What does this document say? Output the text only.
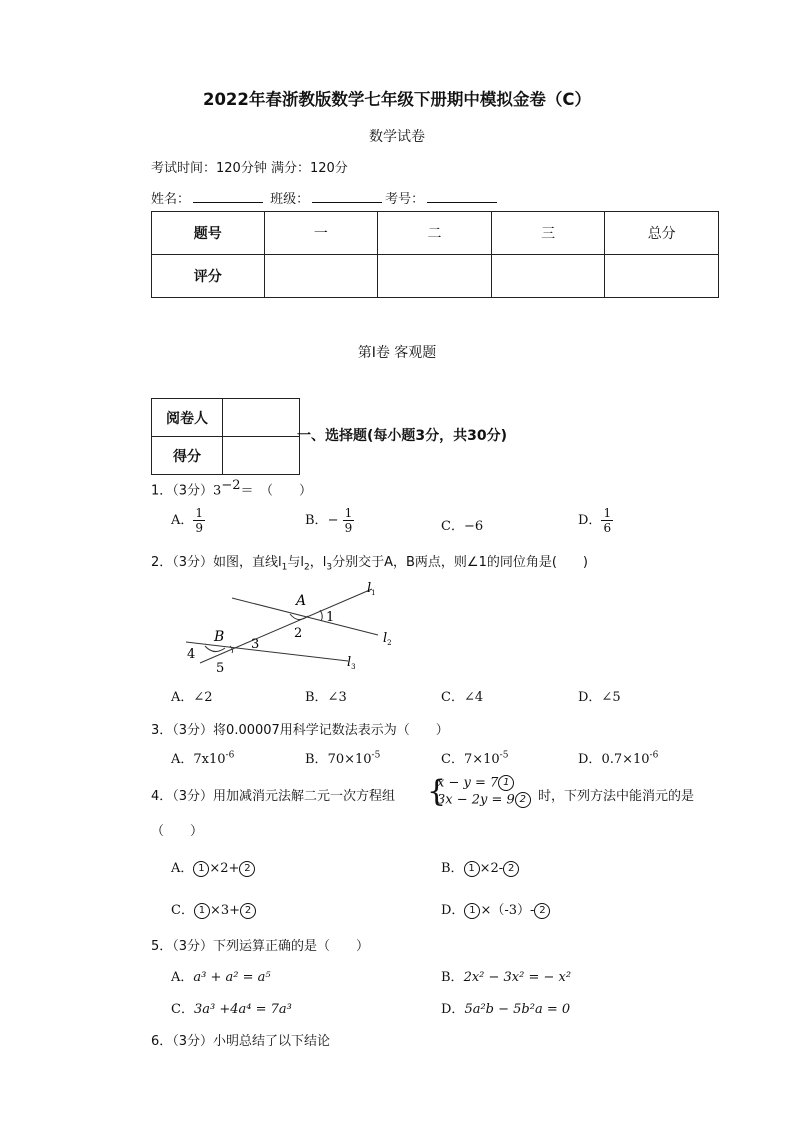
2022年春浙教版数学七年级下册期中模拟金卷（C）
数学试卷
考试时间：120分钟 满分：120分
姓名：	班级：	考号：
题号	一	二	三	总分
评分				
第Ⅰ卷 客观题
阅卷人	
得分	
一、选择题(每小题3分，共30分)
1．（3分）$3^{-2}=$　（　　）
A． $\frac{1}{9}$	B．− $\frac{1}{9}$	C．−6	D． $\frac{1}{6}$
2．（3分）如图，直线$l_1$与$l_2$，$l_3$分别交于A，B两点，则∠1的同位角是(　　)
A
B
1
2
3
4
5
$l_1$
$l_2$
$l_3$
A．∠2	B．∠3	C．∠4	D．∠5
3．（3分）将0.00007用科学记数法表示为（　　）
A．$7x10^{-6}$	B．$70\times 10^{-5}$	C．$7\times 10^{-5}$	D．$0.7\times 10^{-6}$
4．（3分）用加减消元法解二元一次方程组 {
x − y = 7 1
3x − 2y = 9 2 时，下列方法中能消元的是
（　　）
A． 1 ×2+ 2	B． 1 ×2- 2
C． 1 ×3+ 2	D． 1 ×（-3）- 2
5．（3分）下列运算正确的是（　　）
A．a³ + a² = a⁵	B．2x² − 3x² = − x²
C．3a³ +4a⁴ = 7a³	D．5a²b − 5b²a = 0
6．（3分）小明总结了以下结论
